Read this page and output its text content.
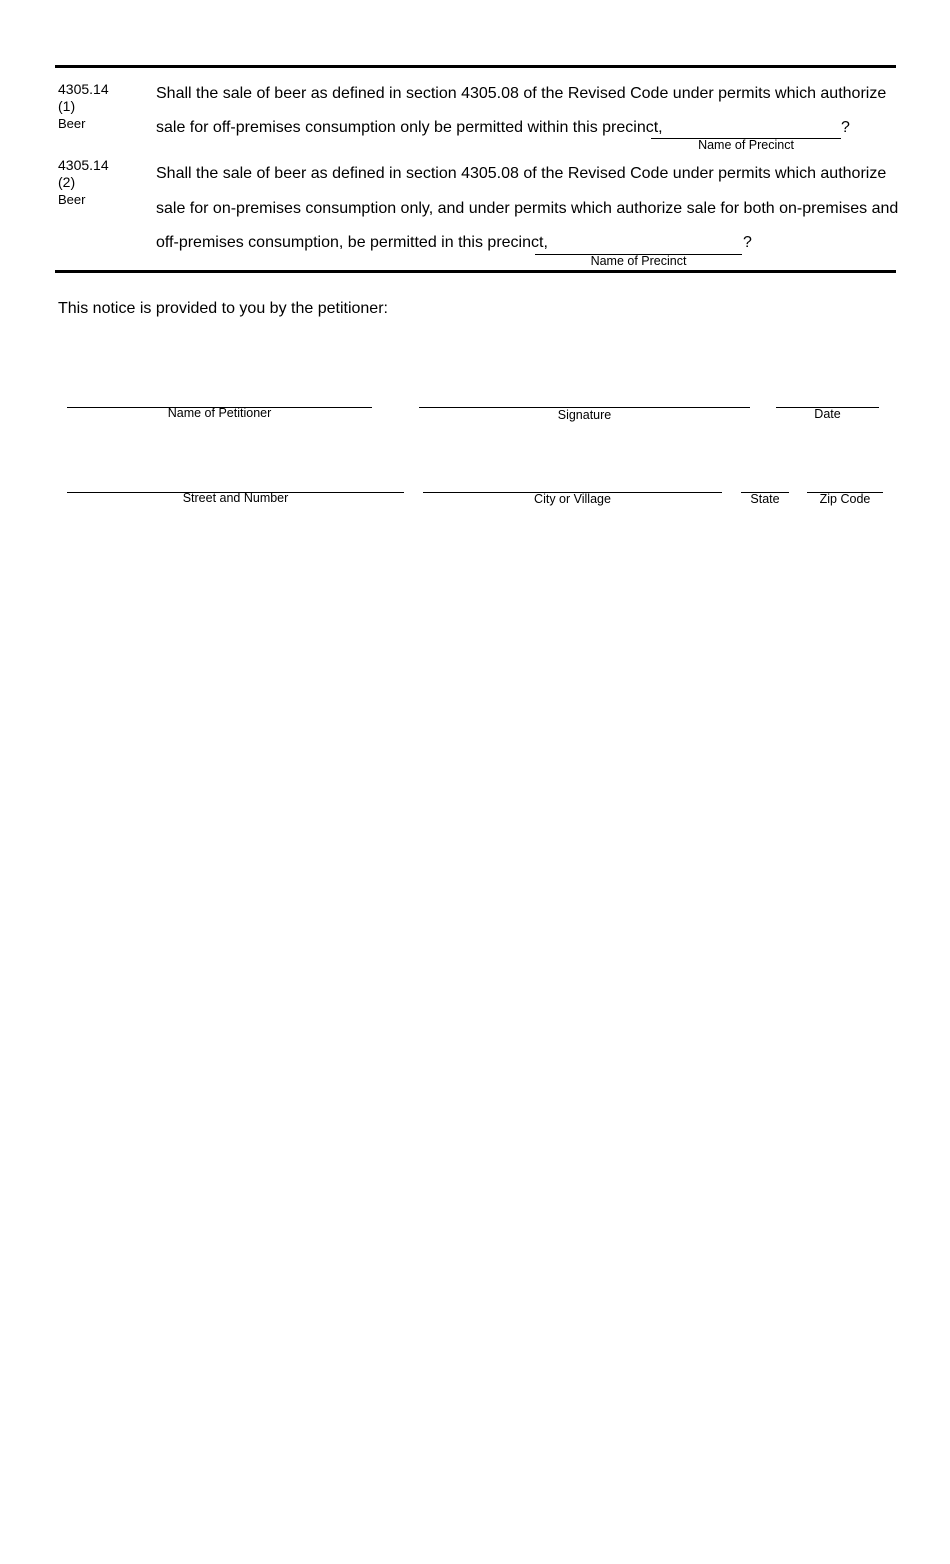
4305.14
(1)
Beer
Shall the sale of beer as defined in section 4305.08 of the Revised Code under permits which authorize
sale for off-premises consumption only be permitted within this precinct,	?
Name of Precinct
4305.14
(2)
Beer
Shall the sale of beer as defined in section 4305.08 of the Revised Code under permits which authorize
sale for on-premises consumption only, and under permits which authorize sale for both on-premises and
off-premises consumption, be permitted in this precinct,	?
Name of Precinct
This notice is provided to you by the petitioner:
Name of Petitioner	Signature	Date
Street and Number	City or Village	State	Zip Code
